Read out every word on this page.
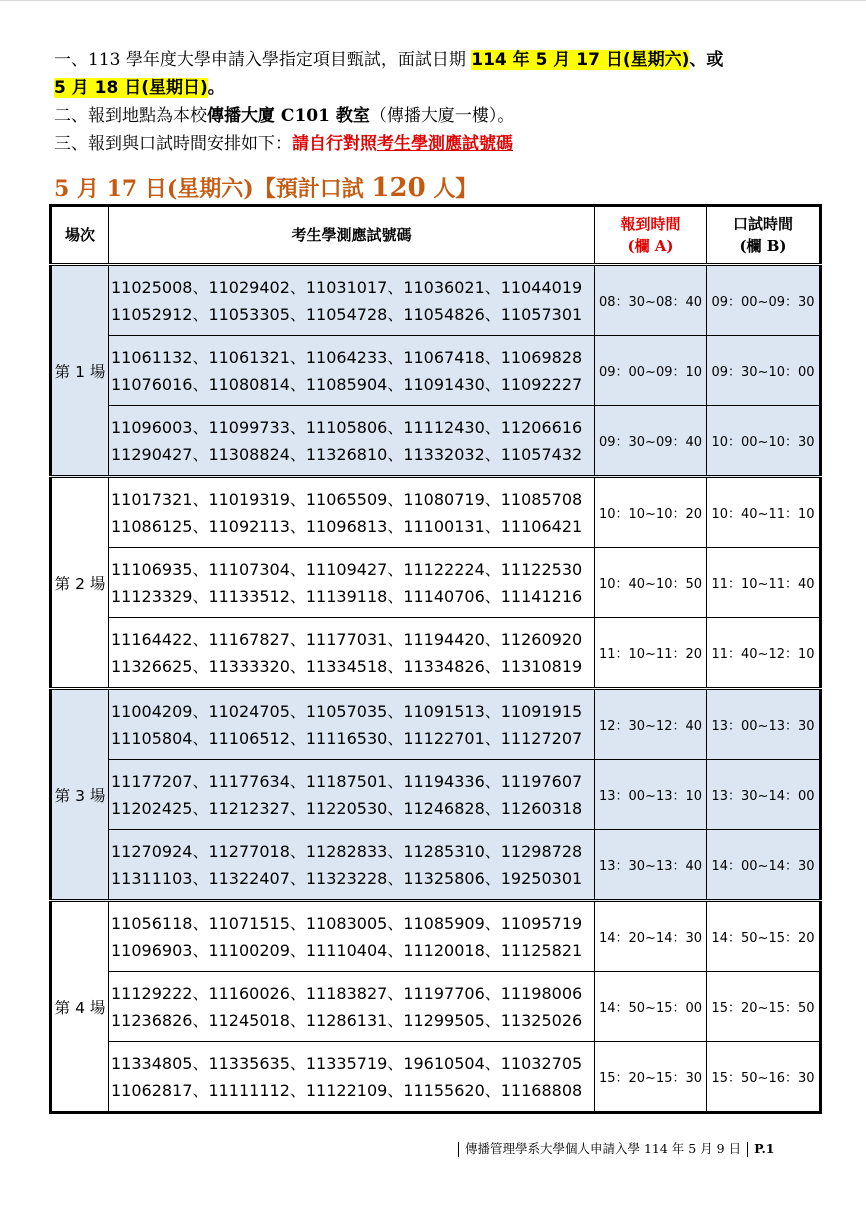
一、113 學年度大學申請入學指定項目甄試，面試日期 114 年 5 月 17 日(星期六)、或

5 月 18 日(星期日)。

二、報到地點為本校傳播大廈 C101 教室（傳播大廈一樓）。

三、報到與口試時間安排如下：請自行對照考生學測應試號碼

5 月 17 日(星期六)【預計口試 120 人】
場次	考生學測應試號碼	報到時間
(欄 A)	口試時間
(欄 B)
第 1 場	11025008、11029402、11031017、11036021、11044019
11052912、11053305、11054728、11054826、11057301	08：30~08：40	09：00~09：30

	11061132、11061321、11064233、11067418、11069828
11076016、11080814、11085904、11091430、11092227	09：00~09：10	09：30~10：00

	11096003、11099733、11105806、11112430、11206616
11290427、11308824、11326810、11332032、11057432	09：30~09：40	10：00~10：30
第 2 場	11017321、11019319、11065509、11080719、11085708
11086125、11092113、11096813、11100131、11106421	10：10~10：20	10：40~11：10

	11106935、11107304、11109427、11122224、11122530
11123329、11133512、11139118、11140706、11141216	10：40~10：50	11：10~11：40

	11164422、11167827、11177031、11194420、11260920
11326625、11333320、11334518、11334826、11310819	11：10~11：20	11：40~12：10
第 3 場	11004209、11024705、11057035、11091513、11091915
11105804、11106512、11116530、11122701、11127207	12：30~12：40	13：00~13：30

	11177207、11177634、11187501、11194336、11197607
11202425、11212327、11220530、11246828、11260318	13：00~13：10	13：30~14：00

	11270924、11277018、11282833、11285310、11298728
11311103、11322407、11323228、11325806、19250301	13：30~13：40	14：00~14：30
第 4 場	11056118、11071515、11083005、11085909、11095719
11096903、11100209、11110404、11120018、11125821	14：20~14：30	14：50~15：20

	11129222、11160026、11183827、11197706、11198006
11236826、11245018、11286131、11299505、11325026	14：50~15：00	15：20~15：50

	11334805、11335635、11335719、19610504、11032705
11062817、11111112、11122109、11155620、11168808	15：20~15：30	15：50~16：30
傳播管理學系大學個人申請入學 114 年 5 月 9 日 P.1
